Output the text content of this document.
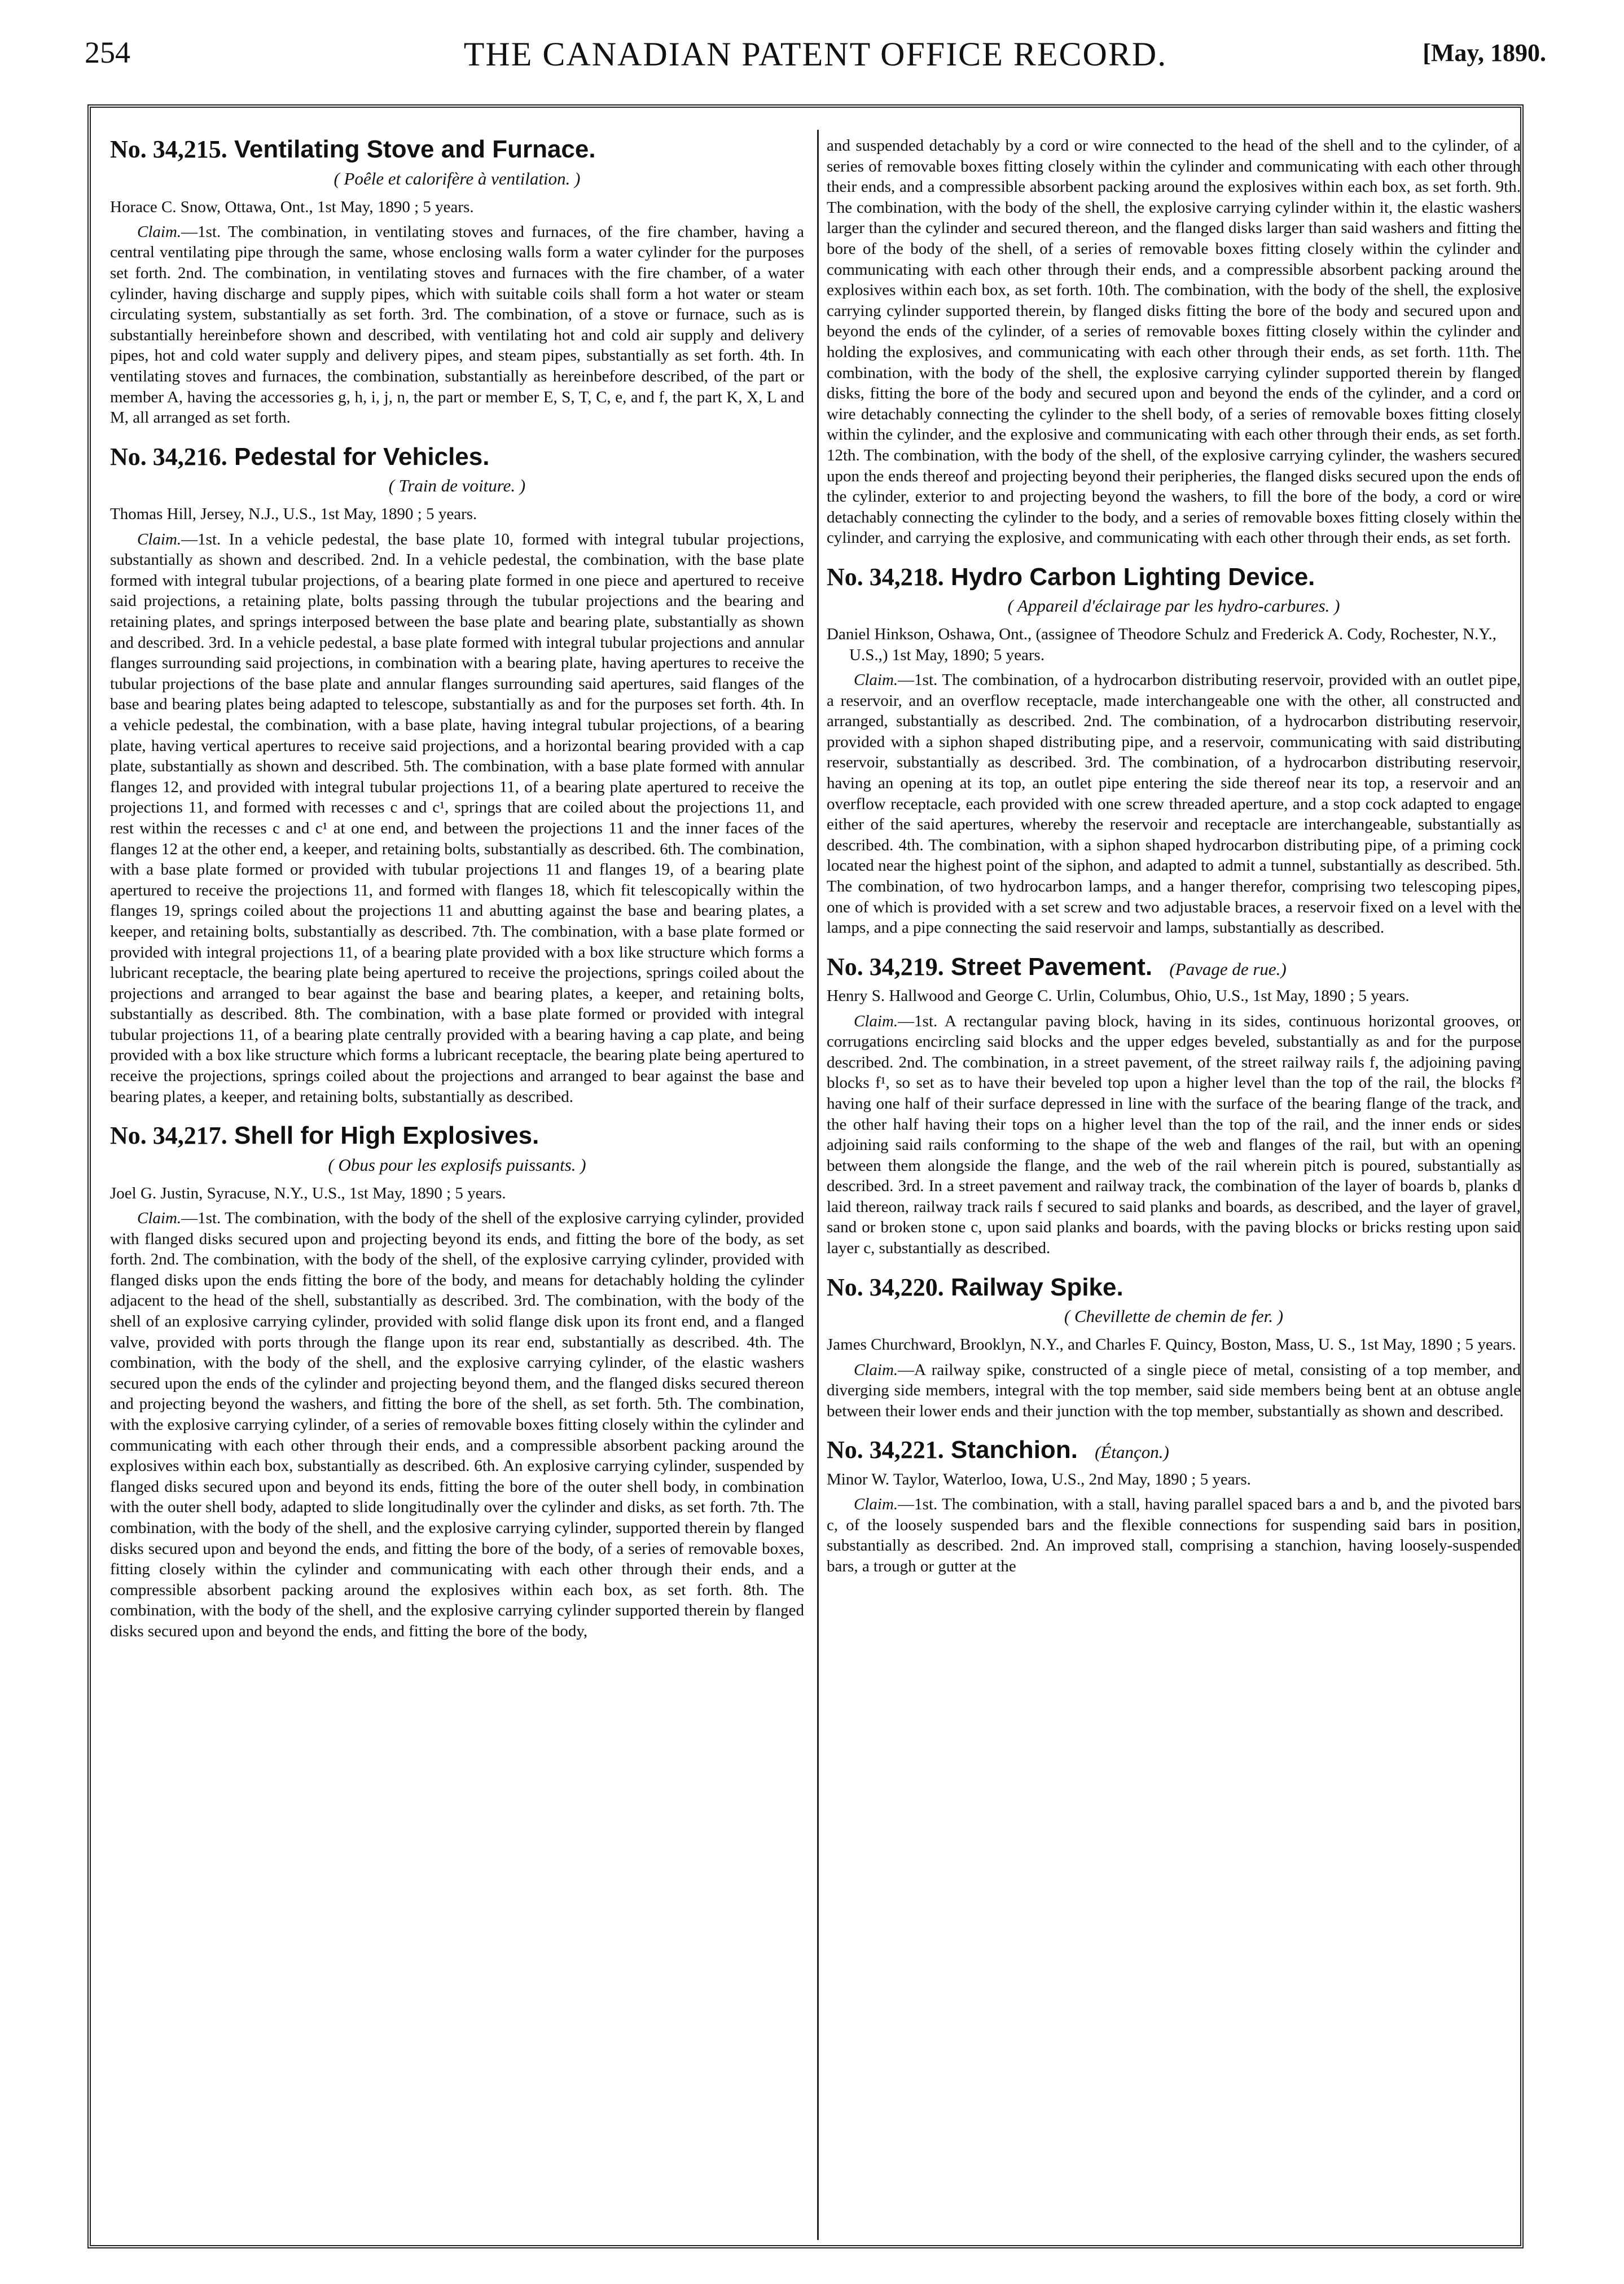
254	THE CANADIAN PATENT OFFICE RECORD.	[May, 1890.
No. 34,215. Ventilating Stove and Furnace.
( Poêle et calorifère à ventilation. )
Horace C. Snow, Ottawa, Ont., 1st May, 1890 ; 5 years.

Claim.—1st. The combination, in ventilating stoves and furnaces, of the fire chamber, having a central ventilating pipe through the same, whose enclosing walls form a water cylinder for the purposes set forth. 2nd. The combination, in ventilating stoves and furnaces with the fire chamber, of a water cylinder, having discharge and supply pipes, which with suitable coils shall form a hot water or steam circulating system, substantially as set forth. 3rd. The combination, of a stove or furnace, such as is substantially hereinbefore shown and described, with ventilating hot and cold air supply and delivery pipes, hot and cold water supply and delivery pipes, and steam pipes, substantially as set forth. 4th. In ventilating stoves and furnaces, the combination, substantially as hereinbefore described, of the part or member A, having the accessories g, h, i, j, n, the part or member E, S, T, C, e, and f, the part K, X, L and M, all arranged as set forth.

No. 34,216. Pedestal for Vehicles.
( Train de voiture. )
Thomas Hill, Jersey, N.J., U.S., 1st May, 1890 ; 5 years.

Claim.—1st. In a vehicle pedestal, the base plate 10, formed with integral tubular projections, substantially as shown and described. 2nd. In a vehicle pedestal, the combination, with the base plate formed with integral tubular projections, of a bearing plate formed in one piece and apertured to receive said projections, a retaining plate, bolts passing through the tubular projections and the bearing and retaining plates, and springs interposed between the base plate and bearing plate, substantially as shown and described. 3rd. In a vehicle pedestal, a base plate formed with integral tubular projections and annular flanges surrounding said projections, in combination with a bearing plate, having apertures to receive the tubular projections of the base plate and annular flanges surrounding said apertures, said flanges of the base and bearing plates being adapted to telescope, substantially as and for the purposes set forth. 4th. In a vehicle pedestal, the combination, with a base plate, having integral tubular projections, of a bearing plate, having vertical apertures to receive said projections, and a horizontal bearing provided with a cap plate, substantially as shown and described. 5th. The combination, with a base plate formed with annular flanges 12, and provided with integral tubular projections 11, of a bearing plate apertured to receive the projections 11, and formed with recesses c and c¹, springs that are coiled about the projections 11, and rest within the recesses c and c¹ at one end, and between the projections 11 and the inner faces of the flanges 12 at the other end, a keeper, and retaining bolts, substantially as described. 6th. The combination, with a base plate formed or provided with tubular projections 11 and flanges 19, of a bearing plate apertured to receive the projections 11, and formed with flanges 18, which fit telescopically within the flanges 19, springs coiled about the projections 11 and abutting against the base and bearing plates, a keeper, and retaining bolts, substantially as described. 7th. The combination, with a base plate formed or provided with integral projections 11, of a bearing plate provided with a box like structure which forms a lubricant receptacle, the bearing plate being apertured to receive the projections, springs coiled about the projections and arranged to bear against the base and bearing plates, a keeper, and retaining bolts, substantially as described. 8th. The combination, with a base plate formed or provided with integral tubular projections 11, of a bearing plate centrally provided with a bearing having a cap plate, and being provided with a box like structure which forms a lubricant receptacle, the bearing plate being apertured to receive the projections, springs coiled about the projections and arranged to bear against the base and bearing plates, a keeper, and retaining bolts, substantially as described.

No. 34,217. Shell for High Explosives.
( Obus pour les explosifs puissants. )
Joel G. Justin, Syracuse, N.Y., U.S., 1st May, 1890 ; 5 years.

Claim.—1st. The combination, with the body of the shell of the explosive carrying cylinder, provided with flanged disks secured upon and projecting beyond its ends, and fitting the bore of the body, as set forth. 2nd. The combination, with the body of the shell, of the explosive carrying cylinder, provided with flanged disks upon the ends fitting the bore of the body, and means for detachably holding the cylinder adjacent to the head of the shell, substantially as described. 3rd. The combination, with the body of the shell of an explosive carrying cylinder, provided with solid flange disk upon its front end, and a flanged valve, provided with ports through the flange upon its rear end, substantially as described. 4th. The combination, with the body of the shell, and the explosive carrying cylinder, of the elastic washers secured upon the ends of the cylinder and projecting beyond them, and the flanged disks secured thereon and projecting beyond the washers, and fitting the bore of the shell, as set forth. 5th. The combination, with the explosive carrying cylinder, of a series of removable boxes fitting closely within the cylinder and communicating with each other through their ends, and a compressible absorbent packing around the explosives within each box, substantially as described. 6th. An explosive carrying cylinder, suspended by flanged disks secured upon and beyond its ends, fitting the bore of the outer shell body, in combination with the outer shell body, adapted to slide longitudinally over the cylinder and disks, as set forth. 7th. The combination, with the body of the shell, and the explosive carrying cylinder, supported therein by flanged disks secured upon and beyond the ends, and fitting the bore of the body, of a series of removable boxes, fitting closely within the cylinder and communicating with each other through their ends, and a compressible absorbent packing around the explosives within each box, as set forth. 8th. The combination, with the body of the shell, and the explosive carrying cylinder supported therein by flanged disks secured upon and beyond the ends, and fitting the bore of the body,

and suspended detachably by a cord or wire connected to the head of the shell and to the cylinder, of a series of removable boxes fitting closely within the cylinder and communicating with each other through their ends, and a compressible absorbent packing around the explosives within each box, as set forth. 9th. The combination, with the body of the shell, the explosive carrying cylinder within it, the elastic washers larger than the cylinder and secured thereon, and the flanged disks larger than said washers and fitting the bore of the body of the shell, of a series of removable boxes fitting closely within the cylinder and communicating with each other through their ends, and a compressible absorbent packing around the explosives within each box, as set forth. 10th. The combination, with the body of the shell, the explosive carrying cylinder supported therein, by flanged disks fitting the bore of the body and secured upon and beyond the ends of the cylinder, of a series of removable boxes fitting closely within the cylinder and holding the explosives, and communicating with each other through their ends, as set forth. 11th. The combination, with the body of the shell, the explosive carrying cylinder supported therein by flanged disks, fitting the bore of the body and secured upon and beyond the ends of the cylinder, and a cord or wire detachably connecting the cylinder to the shell body, of a series of removable boxes fitting closely within the cylinder, and the explosive and communicating with each other through their ends, as set forth. 12th. The combination, with the body of the shell, of the explosive carrying cylinder, the washers secured upon the ends thereof and projecting beyond their peripheries, the flanged disks secured upon the ends of the cylinder, exterior to and projecting beyond the washers, to fill the bore of the body, a cord or wire detachably connecting the cylinder to the body, and a series of removable boxes fitting closely within the cylinder, and carrying the explosive, and communicating with each other through their ends, as set forth.

No. 34,218. Hydro Carbon Lighting Device.
( Appareil d'éclairage par les hydro-carbures. )
Daniel Hinkson, Oshawa, Ont., (assignee of Theodore Schulz and Frederick A. Cody, Rochester, N.Y., U.S.,) 1st May, 1890; 5 years.

Claim.—1st. The combination, of a hydrocarbon distributing reservoir, provided with an outlet pipe, a reservoir, and an overflow receptacle, made interchangeable one with the other, all constructed and arranged, substantially as described. 2nd. The combination, of a hydrocarbon distributing reservoir, provided with a siphon shaped distributing pipe, and a reservoir, communicating with said distributing reservoir, substantially as described. 3rd. The combination, of a hydrocarbon distributing reservoir, having an opening at its top, an outlet pipe entering the side thereof near its top, a reservoir and an overflow receptacle, each provided with one screw threaded aperture, and a stop cock adapted to engage either of the said apertures, whereby the reservoir and receptacle are interchangeable, substantially as described. 4th. The combination, with a siphon shaped hydrocarbon distributing pipe, of a priming cock located near the highest point of the siphon, and adapted to admit a tunnel, substantially as described. 5th. The combination, of two hydrocarbon lamps, and a hanger therefor, comprising two telescoping pipes, one of which is provided with a set screw and two adjustable braces, a reservoir fixed on a level with the lamps, and a pipe connecting the said reservoir and lamps, substantially as described.

No. 34,219. Street Pavement. (Pavage de rue.)
Henry S. Hallwood and George C. Urlin, Columbus, Ohio, U.S., 1st May, 1890 ; 5 years.

Claim.—1st. A rectangular paving block, having in its sides, continuous horizontal grooves, or corrugations encircling said blocks and the upper edges beveled, substantially as and for the purpose described. 2nd. The combination, in a street pavement, of the street railway rails f, the adjoining paving blocks f¹, so set as to have their beveled top upon a higher level than the top of the rail, the blocks f² having one half of their surface depressed in line with the surface of the bearing flange of the track, and the other half having their tops on a higher level than the top of the rail, and the inner ends or sides adjoining said rails conforming to the shape of the web and flanges of the rail, but with an opening between them alongside the flange, and the web of the rail wherein pitch is poured, substantially as described. 3rd. In a street pavement and railway track, the combination of the layer of boards b, planks d laid thereon, railway track rails f secured to said planks and boards, as described, and the layer of gravel, sand or broken stone c, upon said planks and boards, with the paving blocks or bricks resting upon said layer c, substantially as described.

No. 34,220. Railway Spike.
( Chevillette de chemin de fer. )
James Churchward, Brooklyn, N.Y., and Charles F. Quincy, Boston, Mass, U. S., 1st May, 1890 ; 5 years.

Claim.—A railway spike, constructed of a single piece of metal, consisting of a top member, and diverging side members, integral with the top member, said side members being bent at an obtuse angle between their lower ends and their junction with the top member, substantially as shown and described.

No. 34,221. Stanchion. (Étançon.)
Minor W. Taylor, Waterloo, Iowa, U.S., 2nd May, 1890 ; 5 years.

Claim.—1st. The combination, with a stall, having parallel spaced bars a and b, and the pivoted bars c, of the loosely suspended bars and the flexible connections for suspending said bars in position, substantially as described. 2nd. An improved stall, comprising a stanchion, having loosely-suspended bars, a trough or gutter at the
